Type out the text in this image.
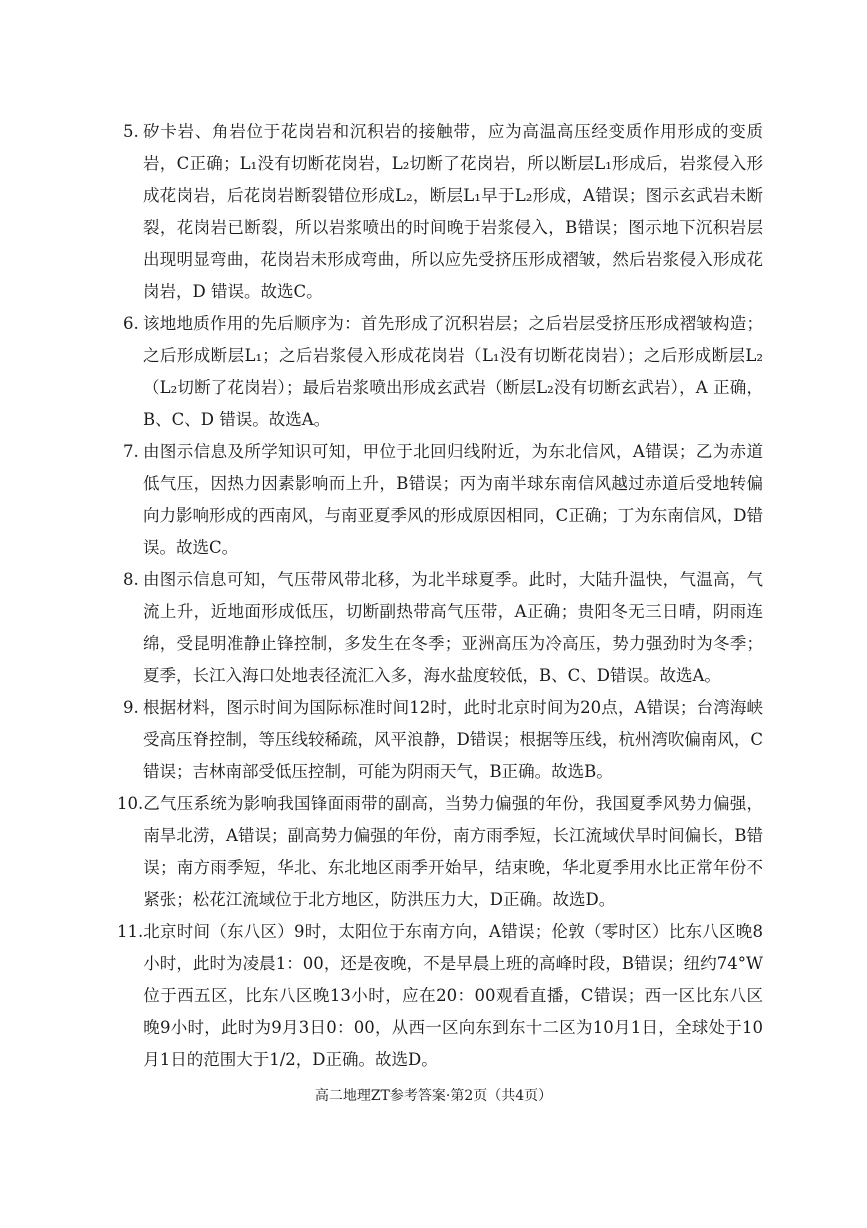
5. 矽卡岩、角岩位于花岗岩和沉积岩的接触带，应为高温高压经变质作用形成的变质岩，C正确；L₁没有切断花岗岩，L₂切断了花岗岩，所以断层L₁形成后，岩浆侵入形成花岗岩，后花岗岩断裂错位形成L₂，断层L₁早于L₂形成，A错误；图示玄武岩未断裂，花岗岩已断裂，所以岩浆喷出的时间晚于岩浆侵入，B错误；图示地下沉积岩层出现明显弯曲，花岗岩未形成弯曲，所以应先受挤压形成褶皱，然后岩浆侵入形成花岗岩，D 错误。故选C。
6. 该地地质作用的先后顺序为：首先形成了沉积岩层；之后岩层受挤压形成褶皱构造；之后形成断层L₁；之后岩浆侵入形成花岗岩（L₁没有切断花岗岩）；之后形成断层L₂（L₂切断了花岗岩）；最后岩浆喷出形成玄武岩（断层L₂没有切断玄武岩），A 正确，B、C、D 错误。故选A。
7. 由图示信息及所学知识可知，甲位于北回归线附近，为东北信风，A错误；乙为赤道低气压，因热力因素影响而上升，B错误；丙为南半球东南信风越过赤道后受地转偏向力影响形成的西南风，与南亚夏季风的形成原因相同，C正确；丁为东南信风，D错误。故选C。
8. 由图示信息可知，气压带风带北移，为北半球夏季。此时，大陆升温快，气温高，气流上升，近地面形成低压，切断副热带高气压带，A正确；贵阳冬无三日晴，阴雨连绵，受昆明准静止锋控制，多发生在冬季；亚洲高压为冷高压，势力强劲时为冬季；夏季，长江入海口处地表径流汇入多，海水盐度较低，B、C、D错误。故选A。
9. 根据材料，图示时间为国际标准时间12时，此时北京时间为20点，A错误；台湾海峡受高压脊控制，等压线较稀疏，风平浪静，D错误；根据等压线，杭州湾吹偏南风，C错误；吉林南部受低压控制，可能为阴雨天气，B正确。故选B。
10. 乙气压系统为影响我国锋面雨带的副高，当势力偏强的年份，我国夏季风势力偏强，南旱北涝，A错误；副高势力偏强的年份，南方雨季短，长江流域伏旱时间偏长，B错误；南方雨季短，华北、东北地区雨季开始早，结束晚，华北夏季用水比正常年份不紧张；松花江流域位于北方地区，防洪压力大，D正确。故选D。
11. 北京时间（东八区）9时，太阳位于东南方向，A错误；伦敦（零时区）比东八区晚8小时，此时为凌晨1：00，还是夜晚，不是早晨上班的高峰时段，B错误；纽约74°W位于西五区，比东八区晚13小时，应在20：00观看直播，C错误；西一区比东八区晚9小时，此时为9月3日0：00，从西一区向东到东十二区为10月1日，全球处于10月1日的范围大于1/2，D正确。故选D。
高二地理ZT参考答案·第2页（共4页）
